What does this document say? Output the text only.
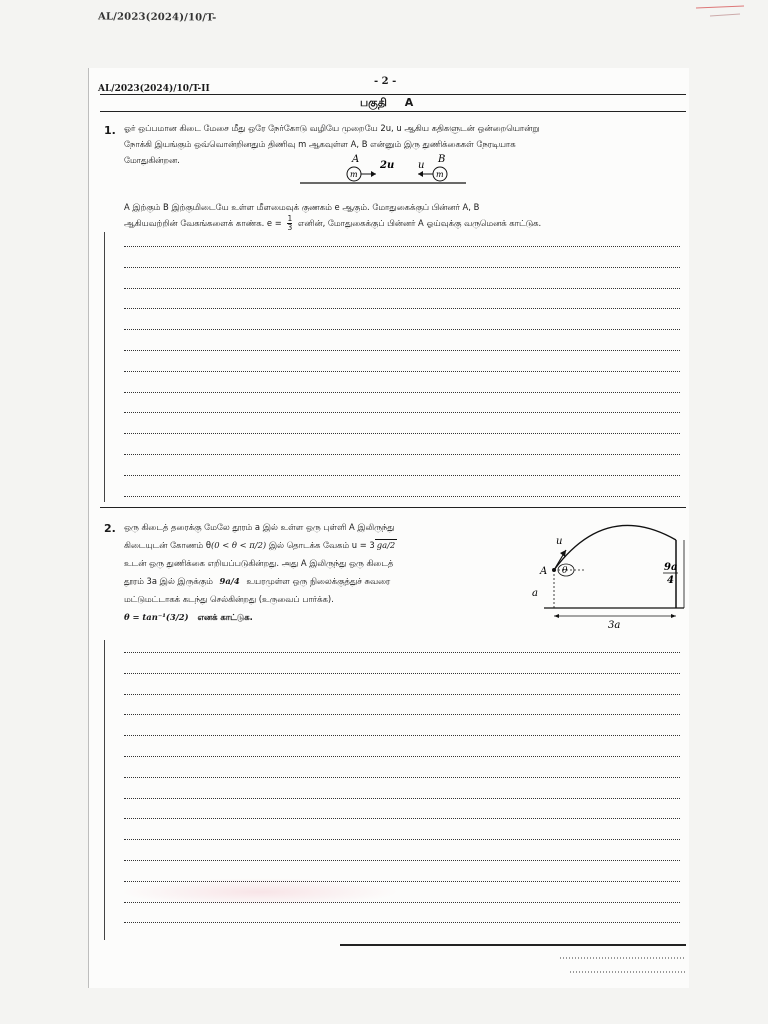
AL/2023(2024)/10/T-
- 2 -
AL/2023(2024)/10/T-II
பகுதி A
1. ஓர் ஒப்பமான கிடை மேசை மீது ஒரே நேர்கோடு வழியே முறையே 2u, u ஆகிய கதிகளுடன் ஒன்றையொன்று
நோக்கி இயங்கும் ஒவ்வொன்றினதும் திணிவு m ஆகவுள்ள A, B என்னும் இரு துணிக்கைகள் நேரடியாக
மோதுகின்றன.	A
2u u
B
m	m
A இற்கும் B இற்குமிடையே உள்ள மீளமைவுக் குணகம் e ஆகும். மோதுகைக்குப் பின்னர் A, B
ஆகியவற்றின் வேகங்களைக் காண்க. $e = \frac{1}{3}$ எனின், மோதுகைக்குப் பின்னர் A ஓய்வுக்கு வருமெனக் காட்டுக.
2. ஒரு கிடைத் தரைக்கு மேலே தூரம் a இல் உள்ள ஒரு புள்ளி A இலிருந்து
கிடையுடன் கோணம் θ(0 < θ < π/2) இல் தொடக்க வேகம் u = 3 ga/2
உடன் ஒரு துணிக்கை எறியப்படுகின்றது. அது A இலிருந்து ஒரு கிடைத்
தூரம் 3a இல் இருக்கும் 9a/4 உயரமுள்ள ஒரு நிலைக்குத்துச் சுவரை
மட்டுமட்டாகக் கடந்து செல்கின்றது (உருவைப் பார்க்க).
θ = tan⁻¹(3/2) எனக் காட்டுக.
u
A θ
a
9a
4
3a
